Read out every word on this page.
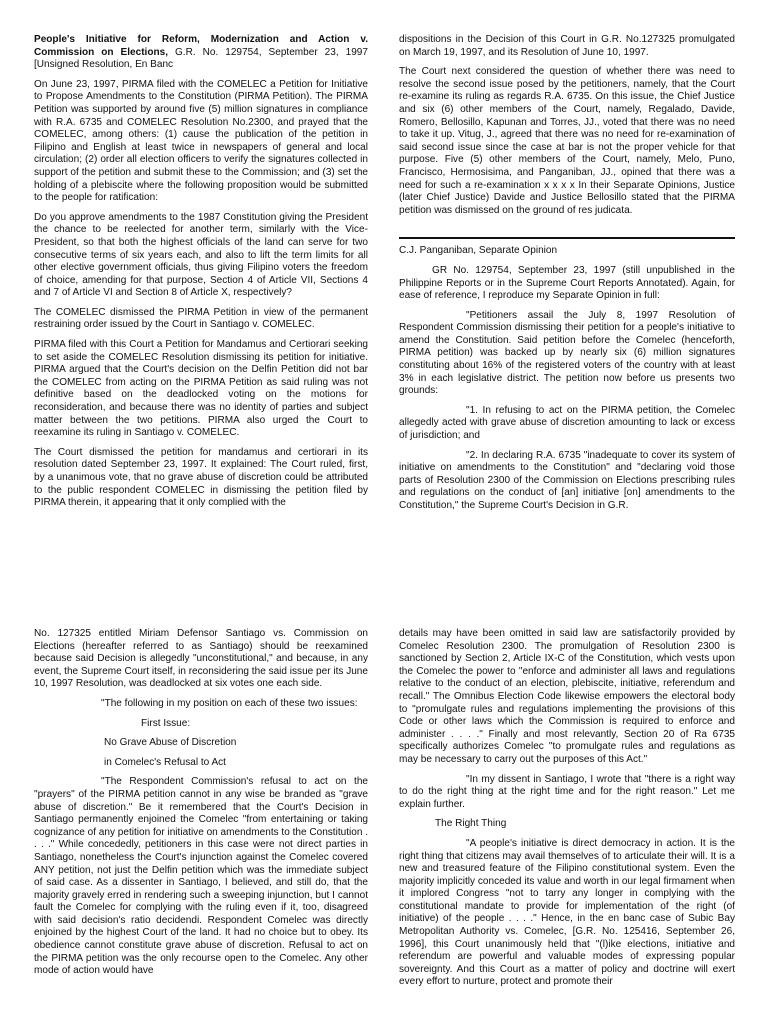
People's Initiative for Reform, Modernization and Action v. Commission on Elections, G.R. No. 129754, September 23, 1997 [Unsigned Resolution, En Banc

On June 23, 1997, PIRMA filed with the COMELEC a Petition for Initiative to Propose Amendments to the Constitution (PIRMA Petition). The PIRMA Petition was supported by around five (5) million signatures in compliance with R.A. 6735 and COMELEC Resolution No.2300, and prayed that the COMELEC, among others: (1) cause the publication of the petition in Filipino and English at least twice in newspapers of general and local circulation; (2) order all election officers to verify the signatures collected in support of the petition and submit these to the Commission; and (3) set the holding of a plebiscite where the following proposition would be submitted to the people for ratification:

Do you approve amendments to the 1987 Constitution giving the President the chance to be reelected for another term, similarly with the Vice-President, so that both the highest officials of the land can serve for two consecutive terms of six years each, and also to lift the term limits for all other elective government officials, thus giving Filipino voters the freedom of choice, amending for that purpose, Section 4 of Article VII, Sections 4 and 7 of Article VI and Section 8 of Article X, respectively?

The COMELEC dismissed the PIRMA Petition in view of the permanent restraining order issued by the Court in Santiago v. COMELEC.

PIRMA filed with this Court a Petition for Mandamus and Certiorari seeking to set aside the COMELEC Resolution dismissing its petition for initiative. PIRMA argued that the Court's decision on the Delfin Petition did not bar the COMELEC from acting on the PIRMA Petition as said ruling was not definitive based on the deadlocked voting on the motions for reconsideration, and because there was no identity of parties and subject matter between the two petitions. PIRMA also urged the Court to reexamine its ruling in Santiago v. COMELEC.

The Court dismissed the petition for mandamus and certiorari in its resolution dated September 23, 1997. It explained: The Court ruled, first, by a unanimous vote, that no grave abuse of discretion could be attributed to the public respondent COMELEC in dismissing the petition filed by PIRMA therein, it appearing that it only complied with the

dispositions in the Decision of this Court in G.R. No.127325 promulgated on March 19, 1997, and its Resolution of June 10, 1997.

The Court next considered the question of whether there was need to resolve the second issue posed by the petitioners, namely, that the Court re-examine its ruling as regards R.A. 6735. On this issue, the Chief Justice and six (6) other members of the Court, namely, Regalado, Davide, Romero, Bellosillo, Kapunan and Torres, JJ., voted that there was no need to take it up. Vitug, J., agreed that there was no need for re-examination of said second issue since the case at bar is not the proper vehicle for that purpose. Five (5) other members of the Court, namely, Melo, Puno, Francisco, Hermosisima, and Panganiban, JJ., opined that there was a need for such a re-examination x x x x In their Separate Opinions, Justice (later Chief Justice) Davide and Justice Bellosillo stated that the PIRMA petition was dismissed on the ground of res judicata.

C.J. Panganiban, Separate Opinion

GR No. 129754, September 23, 1997 (still unpublished in the Philippine Reports or in the Supreme Court Reports Annotated). Again, for ease of reference, I reproduce my Separate Opinion in full:

"Petitioners assail the July 8, 1997 Resolution of Respondent Commission dismissing their petition for a people's initiative to amend the Constitution. Said petition before the Comelec (henceforth, PIRMA petition) was backed up by nearly six (6) million signatures constituting about 16% of the registered voters of the country with at least 3% in each legislative district. The petition now before us presents two grounds:

"1. In refusing to act on the PIRMA petition, the Comelec allegedly acted with grave abuse of discretion amounting to lack or excess of jurisdiction; and

"2. In declaring R.A. 6735 "inadequate to cover its system of initiative on amendments to the Constitution" and "declaring void those parts of Resolution 2300 of the Commission on Elections prescribing rules and regulations on the conduct of [an] initiative [on] amendments to the Constitution," the Supreme Court's Decision in G.R.

No. 127325 entitled Miriam Defensor Santiago vs. Commission on Elections (hereafter referred to as Santiago) should be reexamined because said Decision is allegedly "unconstitutional," and because, in any event, the Supreme Court itself, in reconsidering the said issue per its June 10, 1997 Resolution, was deadlocked at six votes one each side.

"The following in my position on each of these two issues:

First Issue:

No Grave Abuse of Discretion

in Comelec's Refusal to Act

"The Respondent Commission's refusal to act on the "prayers" of the PIRMA petition cannot in any wise be branded as "grave abuse of discretion." Be it remembered that the Court's Decision in Santiago permanently enjoined the Comelec "from entertaining or taking cognizance of any petition for initiative on amendments to the Constitution . . . ." While concededly, petitioners in this case were not direct parties in Santiago, nonetheless the Court's injunction against the Comelec covered ANY petition, not just the Delfin petition which was the immediate subject of said case. As a dissenter in Santiago, I believed, and still do, that the majority gravely erred in rendering such a sweeping injunction, but I cannot fault the Comelec for complying with the ruling even if it, too, disagreed with said decision's ratio decidendi. Respondent Comelec was directly enjoined by the highest Court of the land. It had no choice but to obey. Its obedience cannot constitute grave abuse of discretion. Refusal to act on the PIRMA petition was the only recourse open to the Comelec. Any other mode of action would have

details may have been omitted in said law are satisfactorily provided by Comelec Resolution 2300. The promulgation of Resolution 2300 is sanctioned by Section 2, Article IX-C of the Constitution, which vests upon the Comelec the power to "enforce and administer all laws and regulations relative to the conduct of an election, plebiscite, initiative, referendum and recall." The Omnibus Election Code likewise empowers the electoral body to "promulgate rules and regulations implementing the provisions of this Code or other laws which the Commission is required to enforce and administer . . . ." Finally and most relevantly, Section 20 of Ra 6735 specifically authorizes Comelec "to promulgate rules and regulations as may be necessary to carry out the purposes of this Act."

"In my dissent in Santiago, I wrote that "there is a right way to do the right thing at the right time and for the right reason." Let me explain further.

The Right Thing

"A people's initiative is direct democracy in action. It is the right thing that citizens may avail themselves of to articulate their will. It is a new and treasured feature of the Filipino constitutional system. Even the majority implicitly conceded its value and worth in our legal firmament when it implored Congress "not to tarry any longer in complying with the constitutional mandate to provide for implementation of the right (of initiative) of the people . . . ." Hence, in the en banc case of Subic Bay Metropolitan Authority vs. Comelec, [G.R. No. 125416, September 26, 1996], this Court unanimously held that "(l)ike elections, initiative and referendum are powerful and valuable modes of expressing popular sovereignty. And this Court as a matter of policy and doctrine will exert every effort to nurture, protect and promote their
